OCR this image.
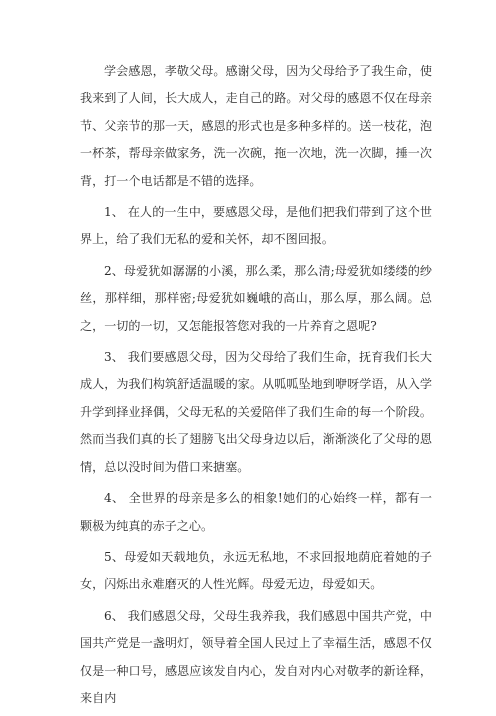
学会感恩，孝敬父母。感谢父母，因为父母给予了我生命，使我来到了人间，长大成人，走自己的路。对父母的感恩不仅在母亲节、父亲节的那一天，感恩的形式也是多种多样的。送一枝花，泡一杯茶，帮母亲做家务，洗一次碗，拖一次地，洗一次脚，捶一次背，打一个电话都是不错的选择。

1、 在人的一生中，要感恩父母，是他们把我们带到了这个世界上，给了我们无私的爱和关怀，却不图回报。

2、母爱犹如潺潺的小溪，那么柔，那么清;母爱犹如缕缕的纱丝，那样细，那样密;母爱犹如巍峨的高山，那么厚，那么阔。总之，一切的一切，又怎能报答您对我的一片养育之恩呢?

3、 我们要感恩父母，因为父母给了我们生命，抚育我们长大成人，为我们构筑舒适温暖的家。从呱呱坠地到咿呀学语，从入学升学到择业择偶，父母无私的关爱陪伴了我们生命的每一个阶段。然而当我们真的长了翅膀飞出父母身边以后，渐渐淡化了父母的恩情，总以没时间为借口来搪塞。

4、 全世界的母亲是多么的相象!她们的心始终一样，都有一颗极为纯真的赤子之心。

5、母爱如天载地负，永远无私地，不求回报地荫庇着她的子女，闪烁出永难磨灭的人性光辉。母爱无边，母爱如天。

6、 我们感恩父母，父母生我养我，我们感恩中国共产党，中国共产党是一盏明灯，领导着全国人民过上了幸福生活，感恩不仅仅是一种口号，感恩应该发自内心，发自对内心对敬孝的新诠释，来自内
